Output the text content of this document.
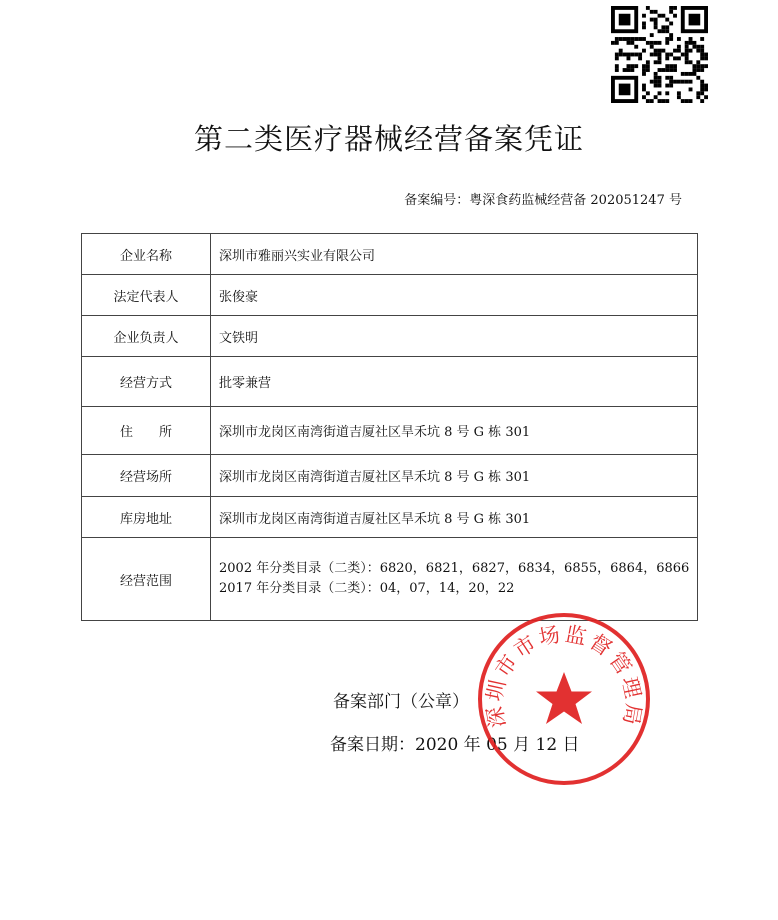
第二类医疗器械经营备案凭证
备案编号：粤深食药监械经营备 202051247 号
企业名称	深圳市雅丽兴实业有限公司
法定代表人	张俊豪
企业负责人	文铁明
经营方式	批零兼营
住　　所	深圳市龙岗区南湾街道吉厦社区旱禾坑 8 号 G 栋 301
经营场所	深圳市龙岗区南湾街道吉厦社区旱禾坑 8 号 G 栋 301
库房地址	深圳市龙岗区南湾街道吉厦社区旱禾坑 8 号 G 栋 301
经营范围	2002 年分类目录（二类）：6820，6821，6827，6834，6855，6864，6866
2017 年分类目录（二类）：04，07，14，20，22
备案部门（公章）
备案日期：2020 年 05 月 12 日
深圳市市场监督管理局
